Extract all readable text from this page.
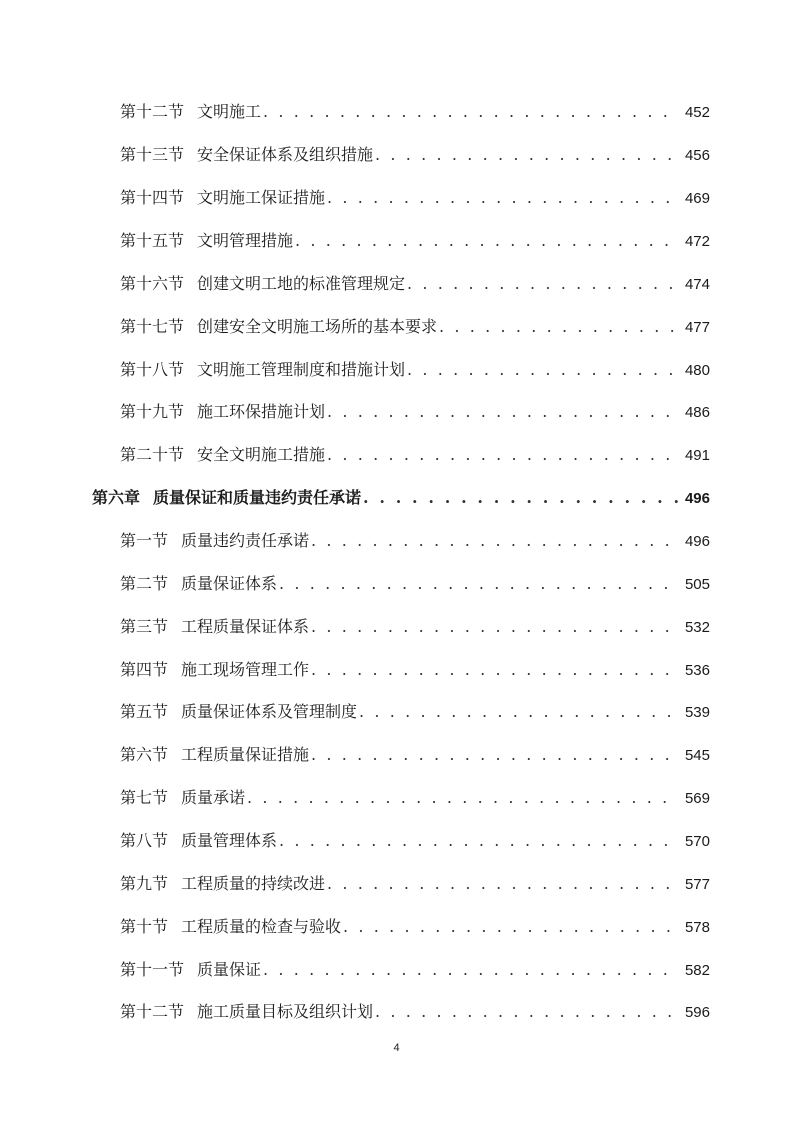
第十二节 文明施工 . . .	452
第十三节 安全保证体系及组织措施 . . .	456
第十四节 文明施工保证措施 . . .	469
第十五节 文明管理措施 . . .	472
第十六节 创建文明工地的标准管理规定 . . .	474
第十七节 创建安全文明施工场所的基本要求 . . .	477
第十八节 文明施工管理制度和措施计划 . . .	480
第十九节 施工环保措施计划 . . .	486
第二十节 安全文明施工措施 . . .	491
第六章 质量保证和质量违约责任承诺 . . .	496
第一节 质量违约责任承诺 . . .	496
第二节 质量保证体系 . . .	505
第三节 工程质量保证体系 . . .	532
第四节 施工现场管理工作 . . .	536
第五节 质量保证体系及管理制度 . . .	539
第六节 工程质量保证措施 . . .	545
第七节 质量承诺 . . .	569
第八节 质量管理体系 . . .	570
第九节 工程质量的持续改进 . . .	577
第十节 工程质量的检查与验收 . . .	578
第十一节 质量保证 . . .	582
第十二节 施工质量目标及组织计划 . . .	596
4
